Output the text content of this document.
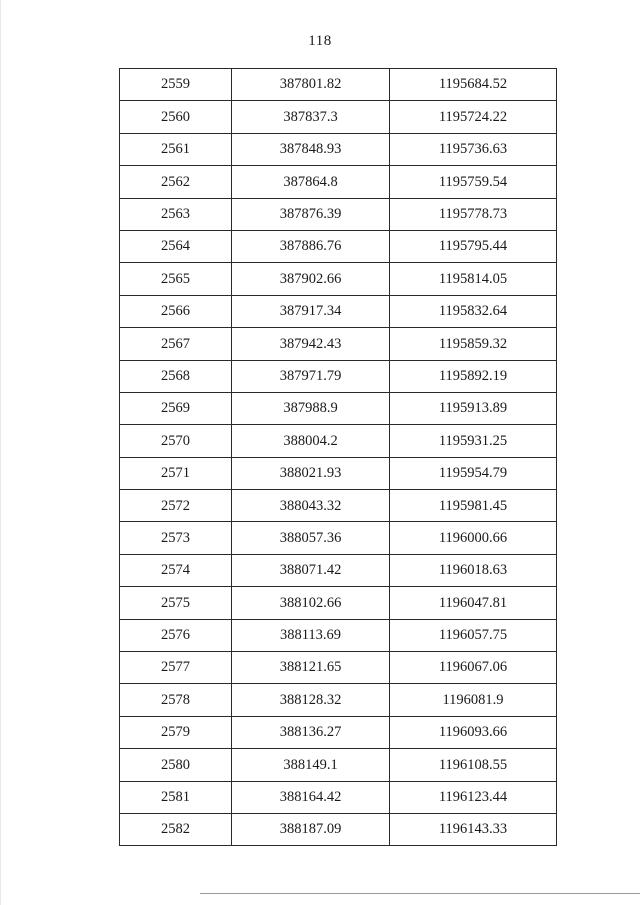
118
2559	387801.82	1195684.52
2560	387837.3	1195724.22
2561	387848.93	1195736.63
2562	387864.8	1195759.54
2563	387876.39	1195778.73
2564	387886.76	1195795.44
2565	387902.66	1195814.05
2566	387917.34	1195832.64
2567	387942.43	1195859.32
2568	387971.79	1195892.19
2569	387988.9	1195913.89
2570	388004.2	1195931.25
2571	388021.93	1195954.79
2572	388043.32	1195981.45
2573	388057.36	1196000.66
2574	388071.42	1196018.63
2575	388102.66	1196047.81
2576	388113.69	1196057.75
2577	388121.65	1196067.06
2578	388128.32	1196081.9
2579	388136.27	1196093.66
2580	388149.1	1196108.55
2581	388164.42	1196123.44
2582	388187.09	1196143.33
